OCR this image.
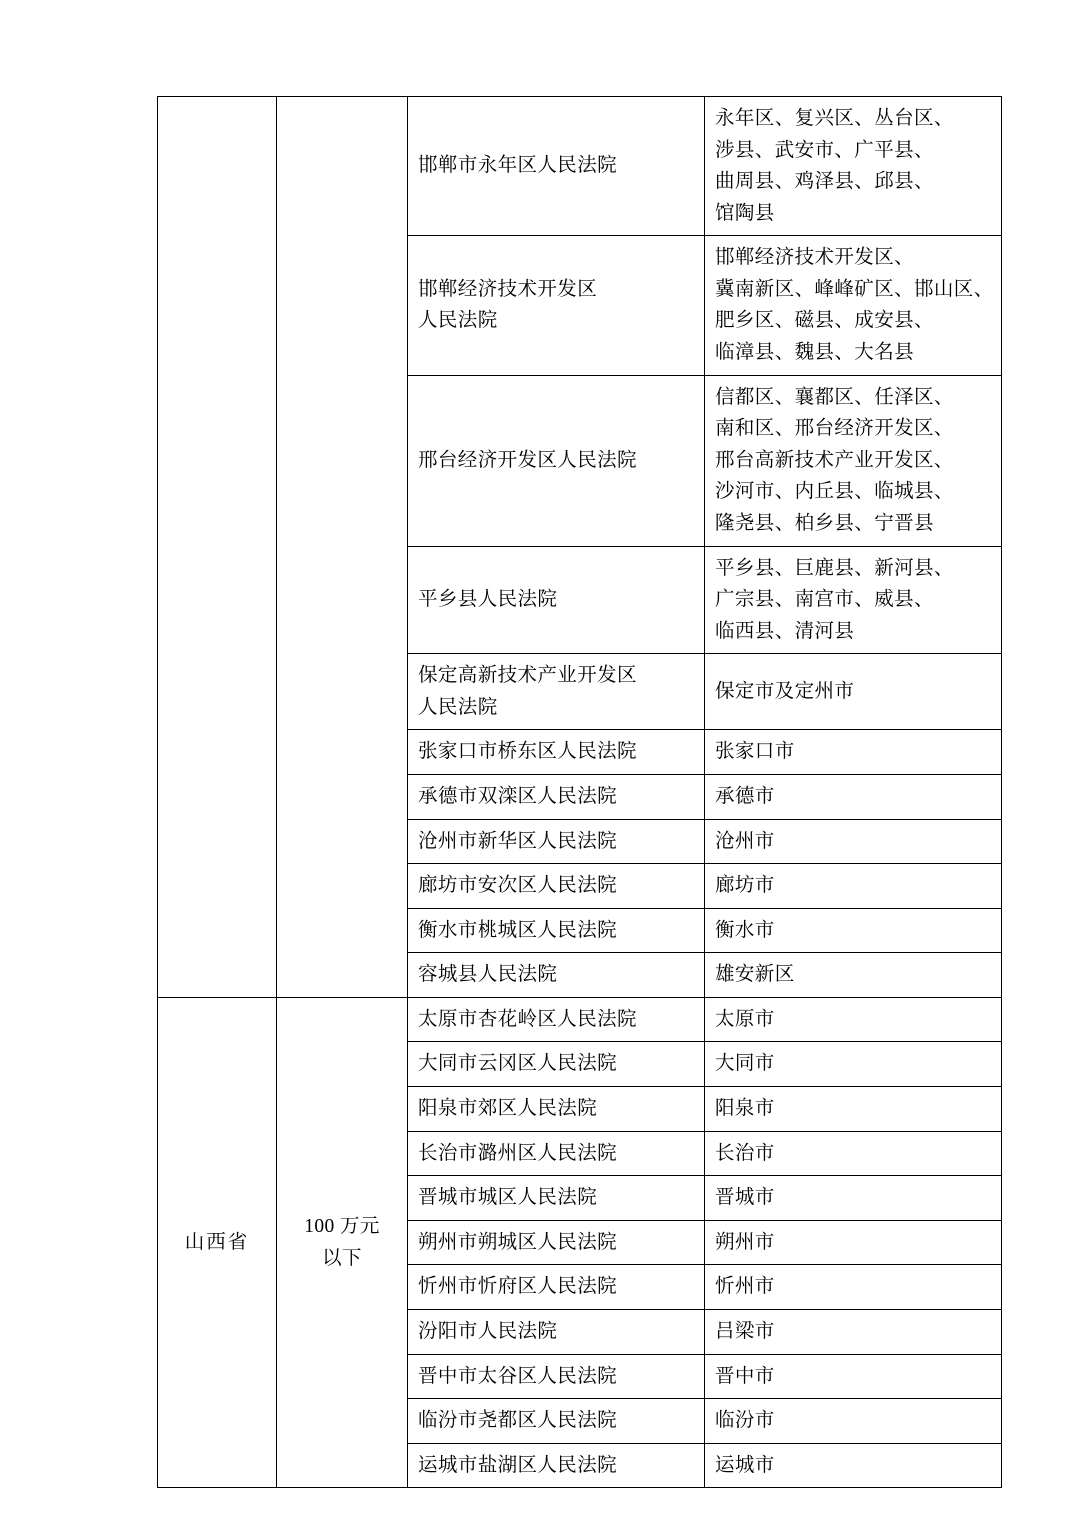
		邯郸市永年区人民法院	永年区、复兴区、丛台区、
涉县、武安市、广平县、
曲周县、鸡泽县、邱县、
馆陶县

		邯郸经济技术开发区
人民法院	邯郸经济技术开发区、
冀南新区、峰峰矿区、邯山区、
肥乡区、磁县、成安县、
临漳县、魏县、大名县

		邢台经济开发区人民法院	信都区、襄都区、任泽区、
南和区、邢台经济开发区、
邢台高新技术产业开发区、
沙河市、内丘县、临城县、
隆尧县、柏乡县、宁晋县

		平乡县人民法院	平乡县、巨鹿县、新河县、
广宗县、南宫市、威县、
临西县、清河县

		保定高新技术产业开发区
人民法院	保定市及定州市

		张家口市桥东区人民法院	张家口市
		承德市双滦区人民法院	承德市
		沧州市新华区人民法院	沧州市
		廊坊市安次区人民法院	廊坊市
		衡水市桃城区人民法院	衡水市
		容城县人民法院	雄安新区
山西省	100 万元
以下	太原市杏花岭区人民法院	太原市
		大同市云冈区人民法院	大同市
		阳泉市郊区人民法院	阳泉市
		长治市潞州区人民法院	长治市
		晋城市城区人民法院	晋城市
		朔州市朔城区人民法院	朔州市
		忻州市忻府区人民法院	忻州市
		汾阳市人民法院	吕梁市
		晋中市太谷区人民法院	晋中市
		临汾市尧都区人民法院	临汾市
		运城市盐湖区人民法院	运城市
